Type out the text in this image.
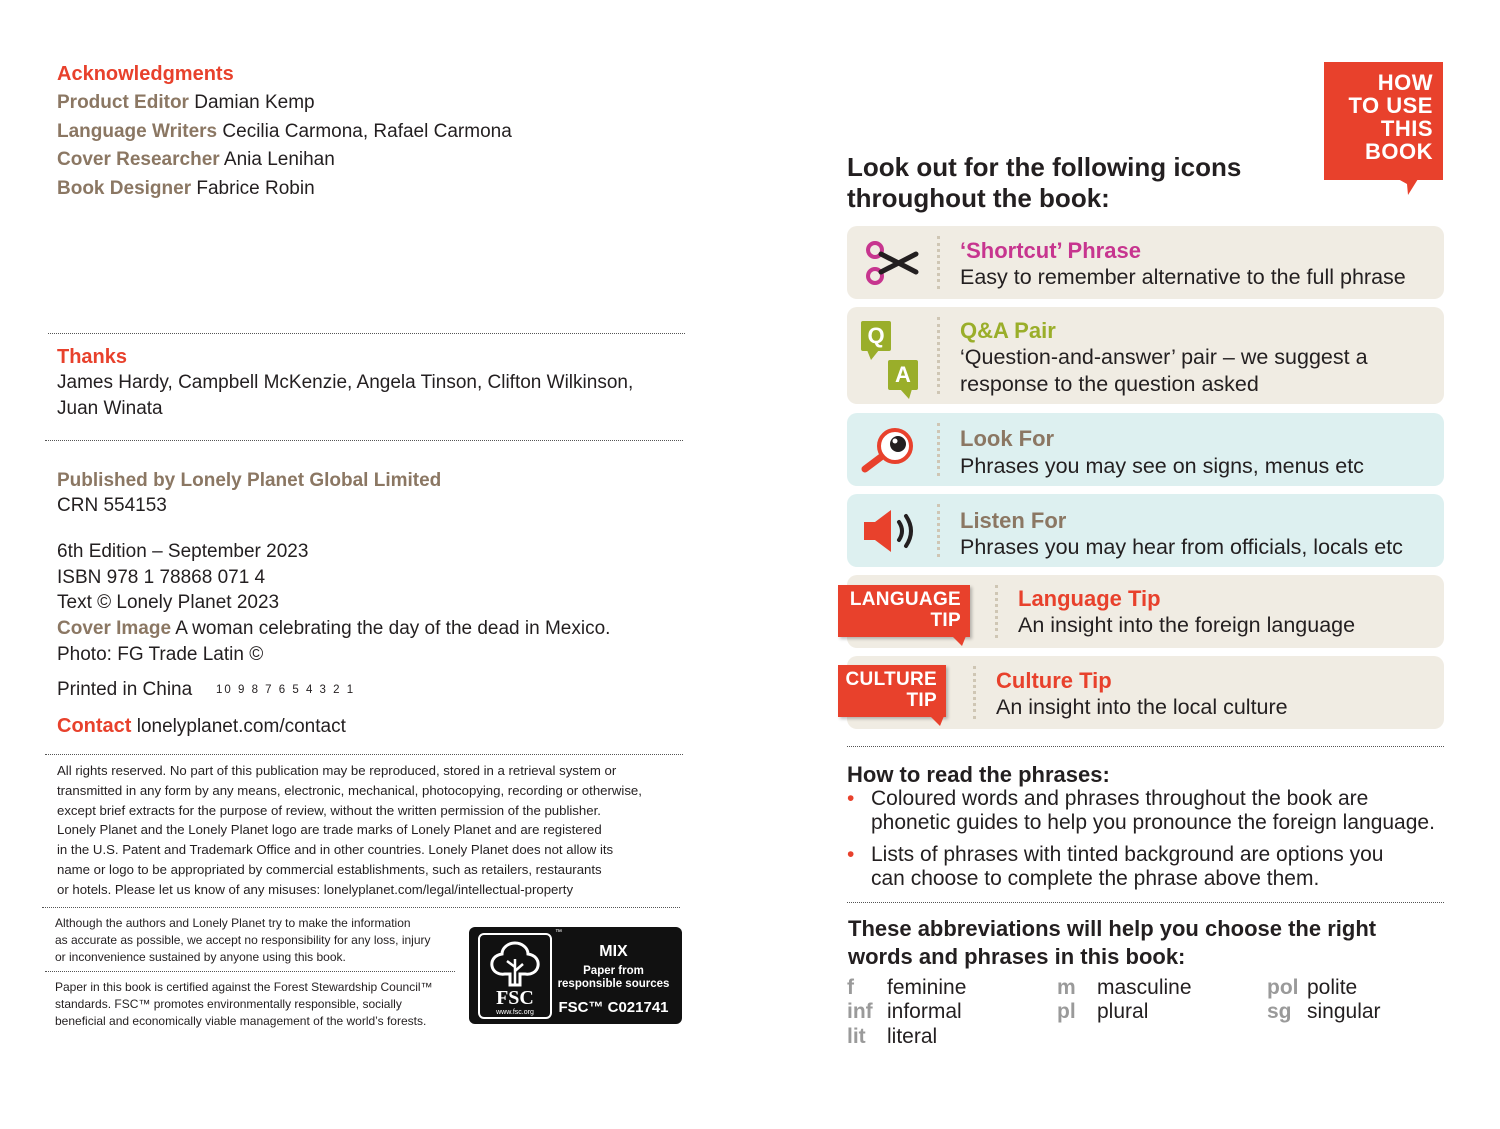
Acknowledgments
Product Editor Damian Kemp
Language Writers Cecilia Carmona, Rafael Carmona
Cover Researcher Ania Lenihan
Book Designer Fabrice Robin
Thanks
James Hardy, Campbell McKenzie, Angela Tinson, Clifton Wilkinson,
Juan Winata
Published by Lonely Planet Global Limited
CRN 554153
6th Edition – September 2023
ISBN 978 1 78868 071 4
Text © Lonely Planet 2023
Cover Image A woman celebrating the day of the dead in Mexico.
Photo: FG Trade Latin ©
Printed in China 10 9 8 7 6 5 4 3 2 1
Contact lonelyplanet.com/contact
All rights reserved. No part of this publication may be reproduced, stored in a retrieval system or
transmitted in any form by any means, electronic, mechanical, photocopying, recording or otherwise,
except brief extracts for the purpose of review, without the written permission of the publisher.
Lonely Planet and the Lonely Planet logo are trade marks of Lonely Planet and are registered
in the U.S. Patent and Trademark Office and in other countries. Lonely Planet does not allow its
name or logo to be appropriated by commercial establishments, such as retailers, restaurants
or hotels. Please let us know of any misuses: lonelyplanet.com/legal/intellectual-property
Although the authors and Lonely Planet try to make the information
as accurate as possible, we accept no responsibility for any loss, injury
or inconvenience sustained by anyone using this book.
Paper in this book is certified against the Forest Stewardship Council™
standards. FSC™ promotes environmentally responsible, socially
beneficial and economically viable management of the world’s forests.
FSC
www.fsc.org
™
MIX
Paper from
responsible sources
FSC™ C021741
HOW
TO USE
THIS
BOOK
Look out for the following icons
throughout the book:
‘Shortcut’ Phrase
Easy to remember alternative to the full phrase
Q
A
Q&A Pair
‘Question-and-answer’ pair – we suggest a
response to the question asked
Look For
Phrases you may see on signs, menus etc
Listen For
Phrases you may hear from officials, locals etc
Language Tip
An insight into the foreign language
LANGUAGE
TIP
Culture Tip
An insight into the local culture
CULTURE
TIP
How to read the phrases:
• Coloured words and phrases throughout the book are
phonetic guides to help you pronounce the foreign language.
• Lists of phrases with tinted background are options you
can choose to complete the phrase above them.
These abbreviations will help you choose the right
words and phrases in this book:
f feminine
inf informal
lit literal
m masculine
pl plural
pol polite
sg singular
